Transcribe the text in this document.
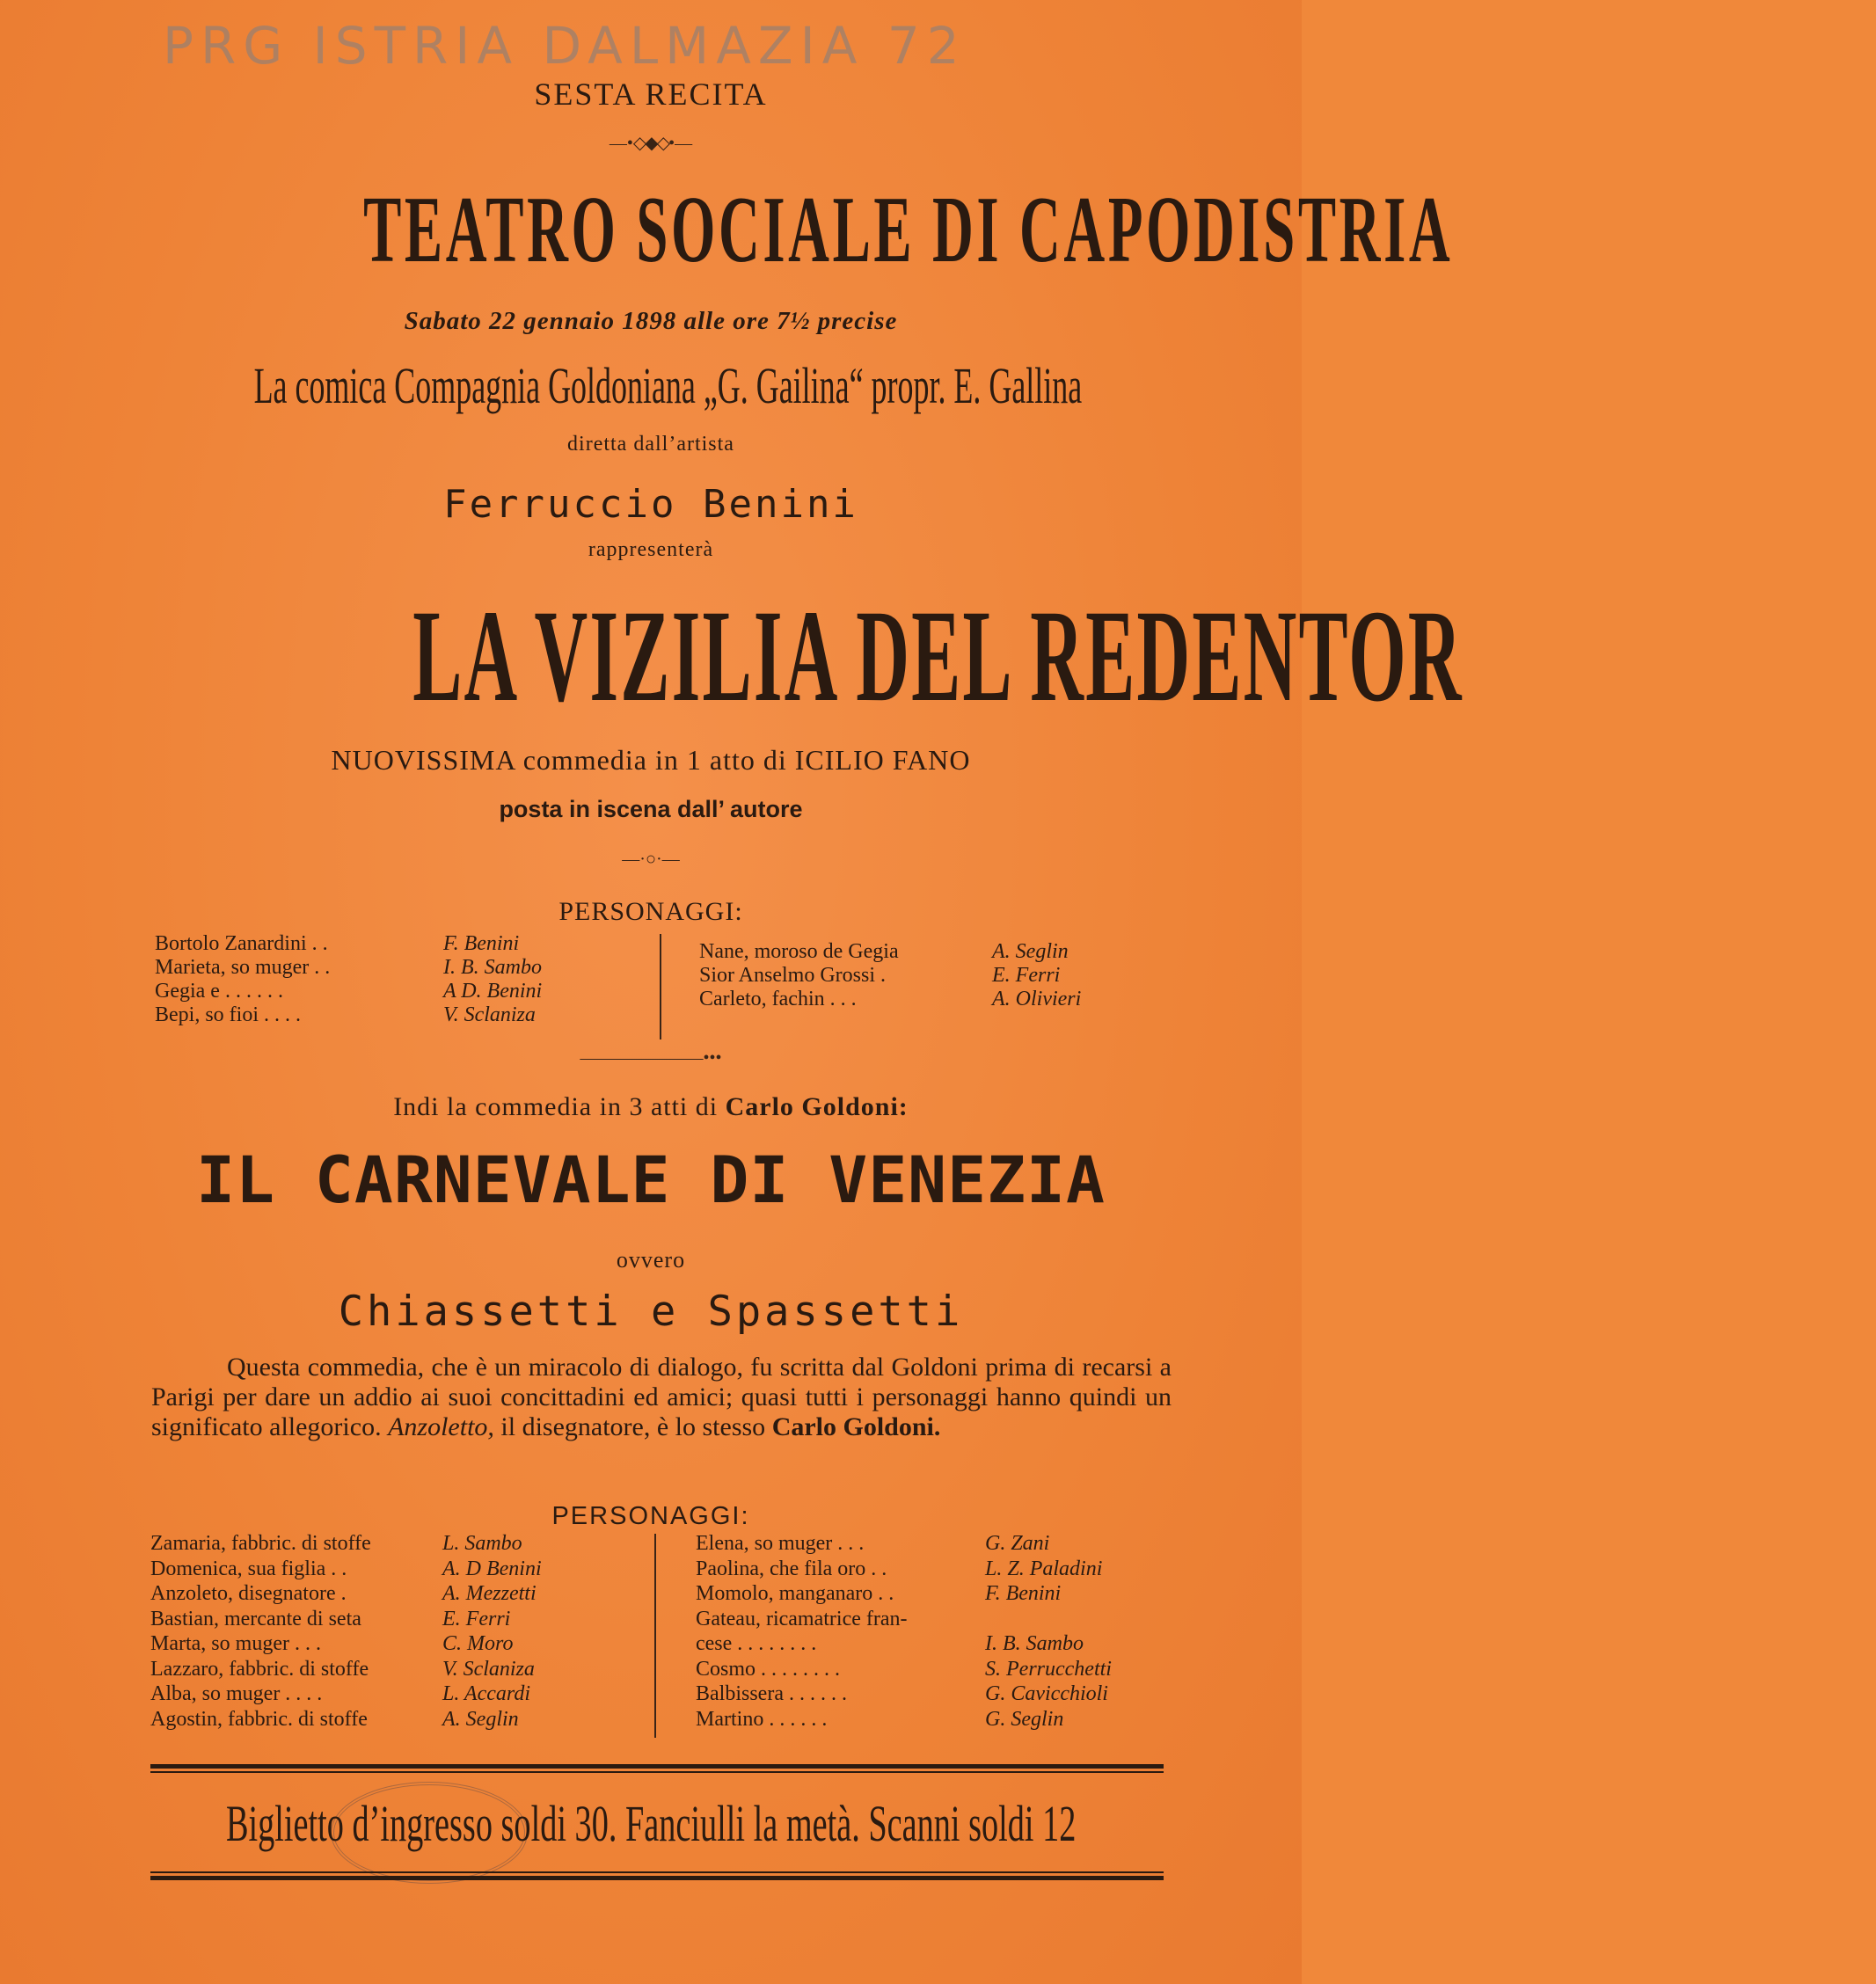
PRG ISTRIA DALMAZIA 72
SESTA RECITA
—•◇◆◇•—
TEATRO SOCIALE DI CAPODISTRIA
Sabato 22 gennaio 1898 alle ore 7½ precise
La comica Compagnia Goldoniana „G. Gailina“ propr. E. Gallina
diretta dall’artista
Ferruccio Benini
rappresenterà
LA VIZILIA DEL REDENTOR
NUOVISSIMA commedia in 1 atto di ICILIO FANO
posta in iscena dall’ autore
—·○·—
PERSONAGGI:
Bortolo Zanardini . .	F. Benini
Marieta, so muger . .	I. B. Sambo
Gegia e . . . . . .	A D. Benini
Bepi, so fioi . . . .	V. Sclaniza
Nane, moroso de Gegia	A. Seglin
Sior Anselmo Grossi .	E. Ferri
Carleto, fachin . . .	A. Olivieri
———————•••
Indi la commedia in 3 atti di Carlo Goldoni:
IL CARNEVALE DI VENEZIA
ovvero
Chiassetti e Spassetti
Questa commedia, che è un miracolo di dialogo, fu scritta dal Goldoni prima di recarsi a Parigi per dare un addio ai suoi concittadini ed amici; quasi tutti i personaggi hanno quindi un significato allegorico. Anzoletto, il disegnatore, è lo stesso Carlo Goldoni.
PERSONAGGI:
Zamaria, fabbric. di stoffe	L. Sambo
Domenica, sua figlia . .	A. D Benini
Anzoleto, disegnatore .	A. Mezzetti
Bastian, mercante di seta	E. Ferri
Marta, so muger . . .	C. Moro
Lazzaro, fabbric. di stoffe	V. Sclaniza
Alba, so muger . . . .	L. Accardi
Agostin, fabbric. di stoffe	A. Seglin
Elena, so muger . . .	G. Zani
Paolina, che fila oro . .	L. Z. Paladini
Momolo, manganaro . .	F. Benini
Gateau, ricamatrice fran-
cese . . . . . . . .	I. B. Sambo
Cosmo . . . . . . . .	S. Perrucchetti
Balbissera . . . . . .	G. Cavicchioli
Martino . . . . . .	G. Seglin
Biglietto d’ingresso soldi 30. Fanciulli la metà. Scanni soldi 12
